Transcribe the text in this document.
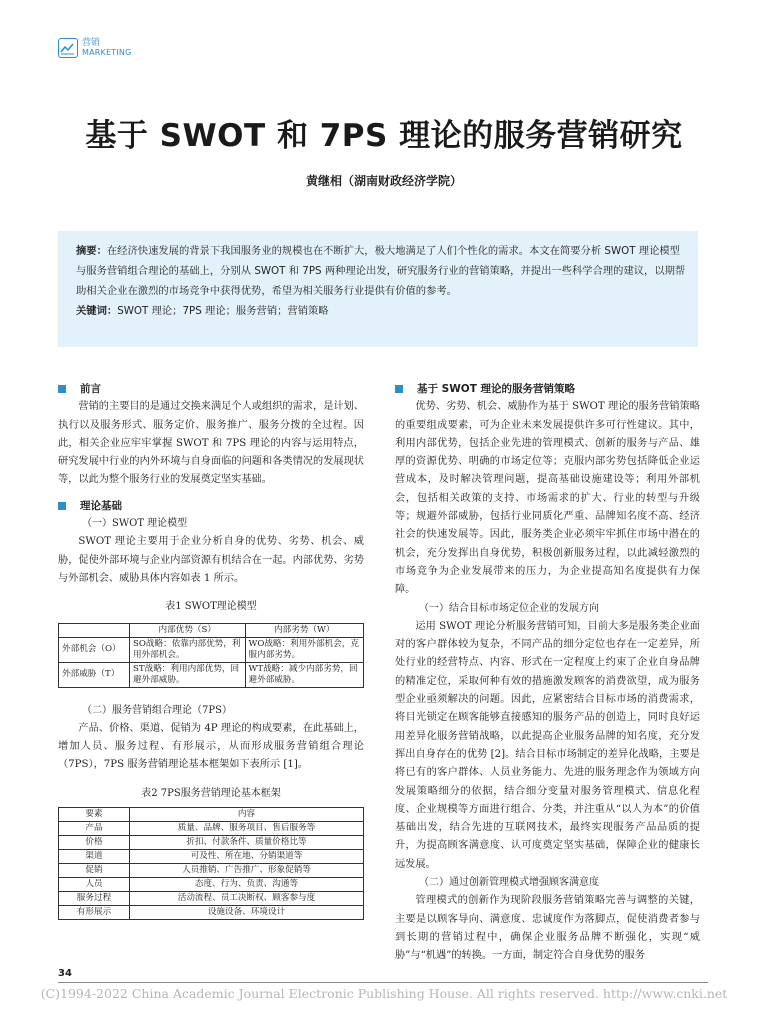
营销
MARKETING
基于 SWOT 和 7PS 理论的服务营销研究
黄继相（湖南财政经济学院）
摘要：在经济快速发展的背景下我国服务业的规模也在不断扩大，极大地满足了人们个性化的需求。本文在简要分析 SWOT 理论模型与服务营销组合理论的基础上，分别从 SWOT 和 7PS 两种理论出发，研究服务行业的营销策略，并提出一些科学合理的建议，以期帮助相关企业在激烈的市场竞争中获得优势，希望为相关服务行业提供有价值的参考。
关键词：SWOT 理论；7PS 理论；服务营销；营销策略
前言

营销的主要目的是通过交换来满足个人或组织的需求，是计划、执行以及服务形式、服务定价、服务推广、服务分拨的全过程。因此，相关企业应牢牢掌握 SWOT 和 7PS 理论的内容与运用特点，研究发展中行业的内外环境与自身面临的问题和各类情况的发展现状等，以此为整个服务行业的发展奠定坚实基础。

理论基础
（一）SWOT 理论模型

SWOT 理论主要用于企业分析自身的优势、劣势、机会、威胁，促使外部环境与企业内部资源有机结合在一起。内部优势、劣势与外部机会、威胁具体内容如表 1 所示。

表1 SWOT理论模型
	内部优势（S）	内部劣势（W）
外部机会（O）	SO战略：依靠内部优势，利用外部机会。	WO战略：利用外部机会，克服内部劣势。
外部威胁（T）	ST战略：利用内部优势，回避外部威胁。	WT战略：减少内部劣势，回避外部威胁。
（二）服务营销组合理论（7PS）

产品、价格、渠道、促销为 4P 理论的构成要素，在此基础上，增加人员、服务过程、有形展示，从而形成服务营销组合理论（7PS），7PS 服务营销理论基本框架如下表所示 [1]。

表2 7PS服务营销理论基本框架
要素	内容
产品	质量、品牌、服务项目、售后服务等
价格	折扣、付款条件、质量价格比等
渠道	可及性、所在地、分销渠道等
促销	人员推销、广告推广、形象促销等
人员	态度、行为、负责、沟通等
服务过程	活动流程、员工决断权、顾客参与度
有形展示	设施设备、环境设计
基于 SWOT 理论的服务营销策略

优势、劣势、机会、威胁作为基于 SWOT 理论的服务营销策略的重要组成要素，可为企业未来发展提供许多可行性建议。其中，利用内部优势，包括企业先进的管理模式、创新的服务与产品、雄厚的资源优势、明确的市场定位等；克服内部劣势包括降低企业运营成本，及时解决管理问题，提高基础设施建设等；利用外部机会，包括相关政策的支持、市场需求的扩大、行业的转型与升级等；规避外部威胁，包括行业同质化严重、品牌知名度不高、经济社会的快速发展等。因此，服务类企业必须牢牢抓住市场中潜在的机会，充分发挥出自身优势，积极创新服务过程，以此减轻激烈的市场竞争为企业发展带来的压力，为企业提高知名度提供有力保障。

（一）结合目标市场定位企业的发展方向

运用 SWOT 理论分析服务营销可知，目前大多是服务类企业面对的客户群体较为复杂，不同产品的细分定位也存在一定差异，所处行业的经营特点、内容、形式在一定程度上约束了企业自身品牌的精准定位，采取何种有效的措施激发顾客的消费欲望，成为服务型企业亟须解决的问题。因此，应紧密结合目标市场的消费需求，将目光锁定在顾客能够直接感知的服务产品的创造上，同时良好运用差异化服务营销战略，以此提高企业服务品牌的知名度，充分发挥出自身存在的优势 [2]。结合目标市场制定的差异化战略，主要是将已有的客户群体、人员业务能力、先进的服务理念作为领域方向发展策略细分的依据，结合细分变量对服务管理模式、信息化程度、企业规模等方面进行组合、分类，并注重从“以人为本”的价值基础出发，结合先进的互联网技术，最终实现服务产品品质的提升，为提高顾客满意度、认可度奠定坚实基础，保障企业的健康长远发展。

（二）通过创新管理模式增强顾客满意度

管理模式的创新作为现阶段服务营销策略完善与调整的关键，主要是以顾客导向、满意度、忠诚度作为落脚点，促使消费者参与到长期的营销过程中，确保企业服务品牌不断强化，实现“威胁”与“机遇”的转换。一方面，制定符合自身优势的服务

34
(C)1994-2022 China Academic Journal Electronic Publishing House. All rights reserved. http://www.cnki.net
